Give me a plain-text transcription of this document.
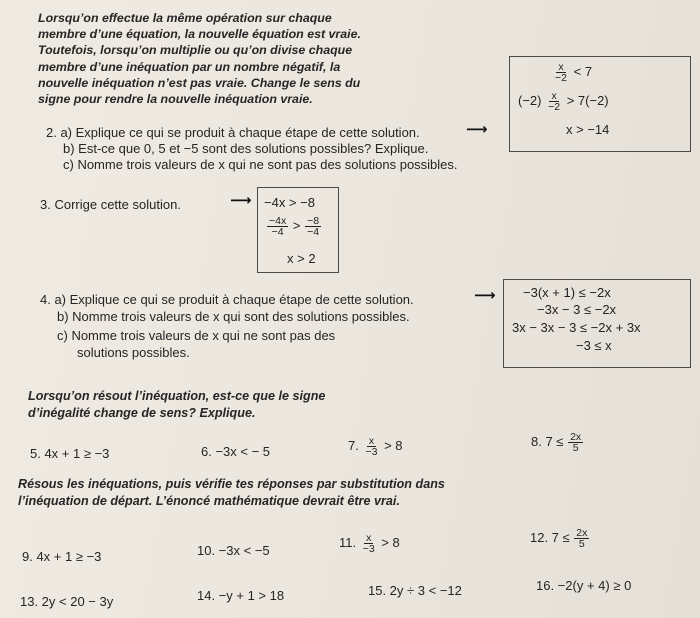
Lorsqu’on effectue la même opération sur chaque
membre d’une équation, la nouvelle équation est vraie.
Toutefois, lorsqu’on multiplie ou qu’on divise chaque
membre d’une inéquation par un nombre négatif, la
nouvelle inéquation n’est pas vraie. Change le sens du
signe pour rendre la nouvelle inéquation vraie.
$\frac{x}{-2} < 7$
$(-2) \frac{x}{-2} > 7(-2)$
x > −14
2. a) Explique ce qui se produit à chaque étape de cette solution.	⟶
b) Est-ce que 0, 5 et −5 sont des solutions possibles? Explique.
c) Nomme trois valeurs de x qui ne sont pas des solutions possibles.
3. Corrige cette solution.	⟶ −4x > −8
$\frac{-4x}{-4} > \frac{-8}{-4}$
x > 2
4. a) Explique ce qui se produit à chaque étape de cette solution.	⟶
b) Nomme trois valeurs de x qui sont des solutions possibles.
c) Nomme trois valeurs de x qui ne sont pas des
solutions possibles.
−3(x + 1) ≤ −2x
−3x − 3 ≤ −2x
3x − 3x − 3 ≤ −2x + 3x
−3 ≤ x
Lorsqu’on résout l’inéquation, est-ce que le signe
d’inégalité change de sens? Explique.
5. 4x + 1 ≥ −3	6. −3x < − 5	7. $\frac{x}{-3} > 8$	8. $7 \le \frac{2x}{5}$
Résous les inéquations, puis vérifie tes réponses par substitution dans
l’inéquation de départ. L’énoncé mathématique devrait être vrai.
9. 4x + 1 ≥ −3	10. −3x < −5
11. $\frac{x}{-3} > 8$	12. $7 \le \frac{2x}{5}$
13. 2y < 20 − 3y	14. −y + 1 > 18	15. 2y ÷ 3 < −12	16. −2(y + 4) ≥ 0
